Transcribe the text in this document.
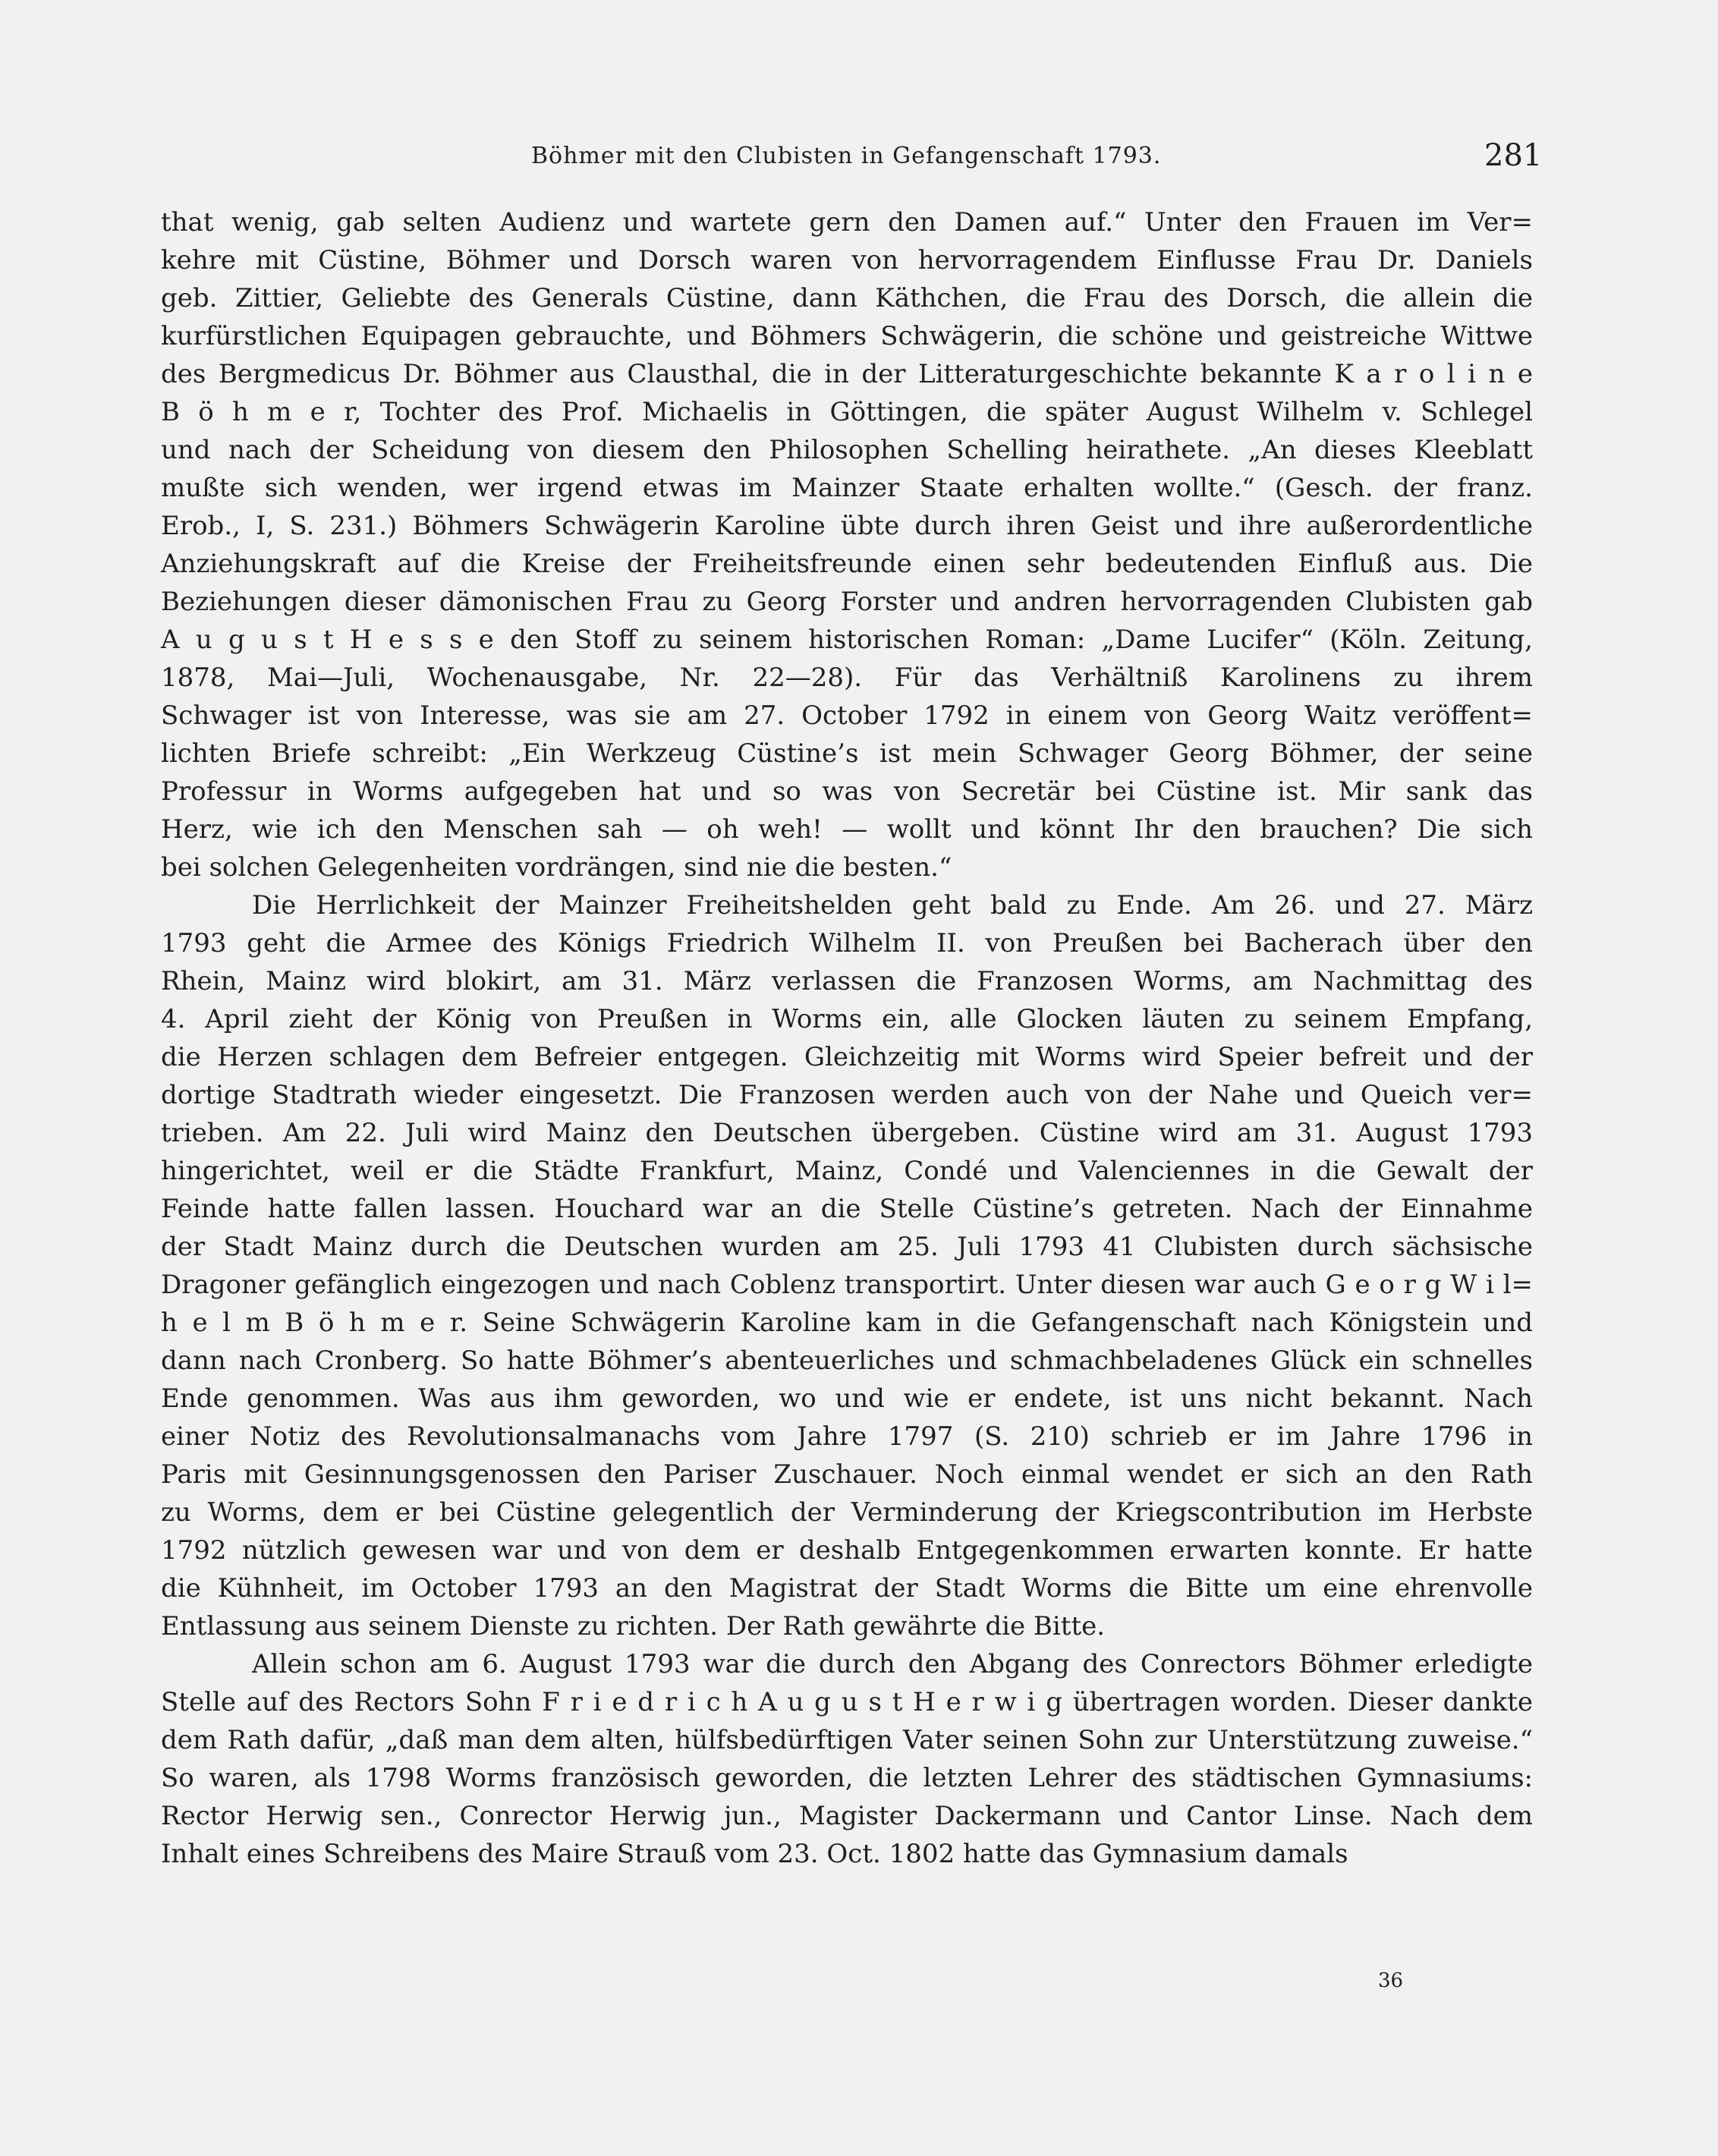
Böhmer mit den Clubisten in Gefangenschaft 1793.	281

that wenig, gab selten Audienz und wartete gern den Damen auf.“ Unter den Frauen im Ver=
kehre mit Cüstine, Böhmer und Dorsch waren von hervorragendem Einflusse Frau Dr. Daniels
geb. Zittier, Geliebte des Generals Cüstine, dann Käthchen, die Frau des Dorsch, die allein die
kurfürstlichen Equipagen gebrauchte, und Böhmers Schwägerin, die schöne und geistreiche Wittwe
des Bergmedicus Dr. Böhmer aus Clausthal, die in der Litteraturgeschichte bekannte K a r o l i n e
B ö h m e r, Tochter des Prof. Michaelis in Göttingen, die später August Wilhelm v. Schlegel
und nach der Scheidung von diesem den Philosophen Schelling heirathete. „An dieses Kleeblatt
mußte sich wenden, wer irgend etwas im Mainzer Staate erhalten wollte.“ (Gesch. der franz.
Erob., I, S. 231.) Böhmers Schwägerin Karoline übte durch ihren Geist und ihre außerordentliche
Anziehungskraft auf die Kreise der Freiheitsfreunde einen sehr bedeutenden Einfluß aus. Die
Beziehungen dieser dämonischen Frau zu Georg Forster und andren hervorragenden Clubisten gab
A u g u s t H e s s e den Stoff zu seinem historischen Roman: „Dame Lucifer“ (Köln. Zeitung,
1878, Mai—Juli, Wochenausgabe, Nr. 22—28). Für das Verhältniß Karolinens zu ihrem
Schwager ist von Interesse, was sie am 27. October 1792 in einem von Georg Waitz veröffent=
lichten Briefe schreibt: „Ein Werkzeug Cüstine’s ist mein Schwager Georg Böhmer, der seine
Professur in Worms aufgegeben hat und so was von Secretär bei Cüstine ist. Mir sank das
Herz, wie ich den Menschen sah — oh weh! — wollt und könnt Ihr den brauchen? Die sich
bei solchen Gelegenheiten vordrängen, sind nie die besten.“

Die Herrlichkeit der Mainzer Freiheitshelden geht bald zu Ende. Am 26. und 27. März
1793 geht die Armee des Königs Friedrich Wilhelm II. von Preußen bei Bacherach über den
Rhein, Mainz wird blokirt, am 31. März verlassen die Franzosen Worms, am Nachmittag des
4. April zieht der König von Preußen in Worms ein, alle Glocken läuten zu seinem Empfang,
die Herzen schlagen dem Befreier entgegen. Gleichzeitig mit Worms wird Speier befreit und der
dortige Stadtrath wieder eingesetzt. Die Franzosen werden auch von der Nahe und Queich ver=
trieben. Am 22. Juli wird Mainz den Deutschen übergeben. Cüstine wird am 31. August 1793
hingerichtet, weil er die Städte Frankfurt, Mainz, Condé und Valenciennes in die Gewalt der
Feinde hatte fallen lassen. Houchard war an die Stelle Cüstine’s getreten. Nach der Einnahme
der Stadt Mainz durch die Deutschen wurden am 25. Juli 1793 41 Clubisten durch sächsische
Dragoner gefänglich eingezogen und nach Coblenz transportirt. Unter diesen war auch G e o r g W i l=
h e l m B ö h m e r. Seine Schwägerin Karoline kam in die Gefangenschaft nach Königstein und
dann nach Cronberg. So hatte Böhmer’s abenteuerliches und schmachbeladenes Glück ein schnelles
Ende genommen. Was aus ihm geworden, wo und wie er endete, ist uns nicht bekannt. Nach
einer Notiz des Revolutionsalmanachs vom Jahre 1797 (S. 210) schrieb er im Jahre 1796 in
Paris mit Gesinnungsgenossen den Pariser Zuschauer. Noch einmal wendet er sich an den Rath
zu Worms, dem er bei Cüstine gelegentlich der Verminderung der Kriegscontribution im Herbste
1792 nützlich gewesen war und von dem er deshalb Entgegenkommen erwarten konnte. Er hatte
die Kühnheit, im October 1793 an den Magistrat der Stadt Worms die Bitte um eine ehrenvolle
Entlassung aus seinem Dienste zu richten. Der Rath gewährte die Bitte.

Allein schon am 6. August 1793 war die durch den Abgang des Conrectors Böhmer erledigte
Stelle auf des Rectors Sohn F r i e d r i c h A u g u s t H e r w i g übertragen worden. Dieser dankte
dem Rath dafür, „daß man dem alten, hülfsbedürftigen Vater seinen Sohn zur Unterstützung zuweise.“
So waren, als 1798 Worms französisch geworden, die letzten Lehrer des städtischen Gymnasiums:
Rector Herwig sen., Conrector Herwig jun., Magister Dackermann und Cantor Linse. Nach dem
Inhalt eines Schreibens des Maire Strauß vom 23. Oct. 1802 hatte das Gymnasium damals

36
